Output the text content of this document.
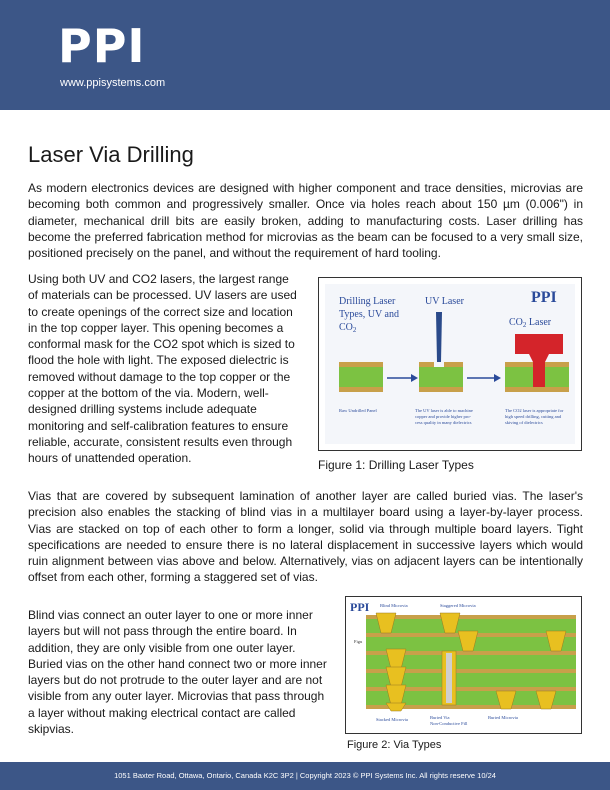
PPI
www.ppisystems.com
Laser Via Drilling

As modern electronics devices are designed with higher component and trace densities, microvias are becoming both common and progressively smaller. Once via holes reach about 150 µm (0.006") in diameter, mechanical drill bits are easily broken, adding to manufacturing costs. Laser drilling has become the preferred fabrication method for microvias as the beam can be focused to a very small size, positioned precisely on the panel, and without the requirement of hard tooling.

Using both UV and CO2 lasers, the largest range of materials can be processed. UV lasers are used to create openings of the correct size and location in the top copper layer. This opening becomes a conformal mask for the CO2 spot which is sized to flood the hole with light. The exposed dielectric is removed without damage to the top copper or the copper at the bottom of the via. Modern, well-designed drilling systems include adequate monitoring and self-calibration features to ensure reliable, accurate, consistent results even through hours of unattended operation.

Drilling Laser
Types, UV and
$CO_2$
UV Laser	PPI
$CO_2$ Laser
Raw Undrilled Panel	The UV laser is able to machine
copper and provide higher pro-
cess quality in many dielectrics
The CO2 laser is appropriate for
high speed drilling, cutting and
skiving of dielectrics
Figure 1: Drilling Laser Types

Vias that are covered by subsequent lamination of another layer are called buried vias. The laser's precision also enables the stacking of blind vias in a multilayer board using a layer-by-layer process. Vias are stacked on top of each other to form a longer, solid via through multiple board layers. Tight specifications are needed to ensure there is no lateral displacement in successive layers which would ruin alignment between vias above and below. Alternatively, vias on adjacent layers can be intentionally offset from each other, forming a staggered set of vias.

Blind vias connect an outer layer to one or more inner layers but will not pass through the entire board. In addition, they are only visible from one outer layer. Buried vias on the other hand connect two or more inner layers but do not protrude to the outer layer and are not visible from any outer layer. Microvias that pass through a layer without making electrical contact are called skipvias.

PPI Blind Microvia	Staggered Microvia
Figu
Stacked Microvia	Buried Via
Non-Conductive Fill
Buried Microvia
Figure 2: Via Types
1051 Baxter Road, Ottawa, Ontario, Canada K2C 3P2 | Copyright 2023 © PPI Systems Inc. All rights reserve 10/24
